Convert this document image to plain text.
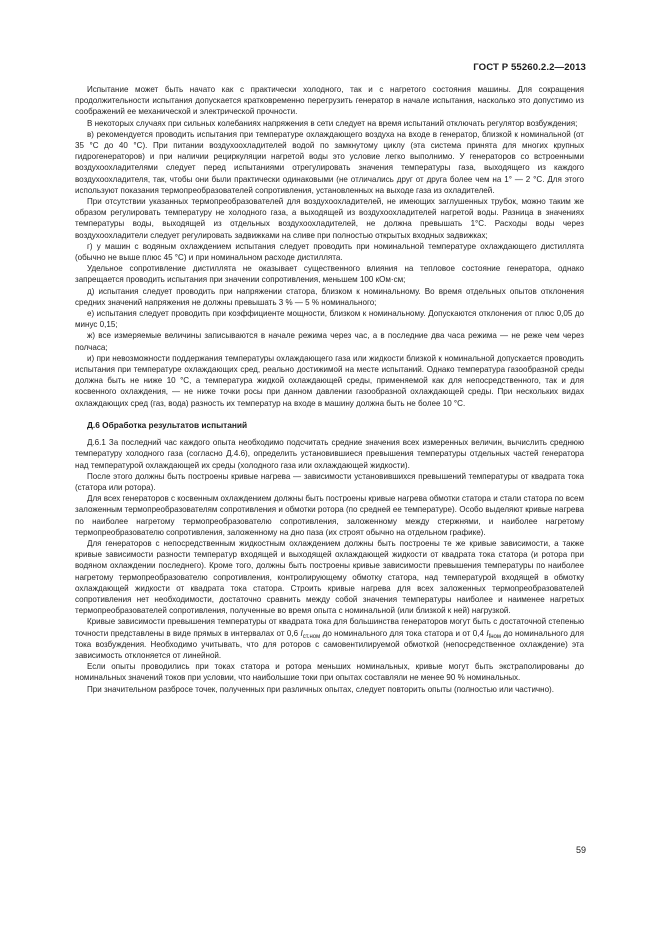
ГОСТ Р 55260.2.2—2013

Испытание может быть начато как с практически холодного, так и с нагретого состояния машины. Для сокращения продолжительности испытания допускается кратковременно перегрузить генератор в начале испытания, насколько это допустимо из соображений ее механической и электрической прочности.

В некоторых случаях при сильных колебаниях напряжения в сети следует на время испытаний отключать регулятор возбуждения;

в) рекомендуется проводить испытания при температуре охлаждающего воздуха на входе в генератор, близкой к номинальной (от 35 °С до 40 °С). При питании воздухоохладителей водой по замкнутому циклу (эта система принята для многих крупных гидрогенераторов) и при наличии рециркуляции нагретой воды это условие легко выполнимо. У генераторов со встроенными воздухоохладителями следует перед испытаниями отрегулировать значения температуры газа, выходящего из каждого воздухоохладителя, так, чтобы они были практически одинаковыми (не отличались друг от друга более чем на 1° — 2 °С. Для этого используют показания термопреобразователей сопротивления, установленных на выходе газа из охладителей.

При отсутствии указанных термопреобразователей для воздухоохладителей, не имеющих заглушенных трубок, можно таким же образом регулировать температуру не холодного газа, а выходящей из воздухоохладителей нагретой воды. Разница в значениях температуры воды, выходящей из отдельных воздухоохладителей, не должна превышать 1°С. Расходы воды через воздухоохладители следует регулировать задвижками на сливе при полностью открытых входных задвижках;

г) у машин с водяным охлаждением испытания следует проводить при номинальной температуре охлаждающего дистиллята (обычно не выше плюс 45 °С) и при номинальном расходе дистиллята.

Удельное сопротивление дистиллята не оказывает существенного влияния на тепловое состояние генератора, однако запрещается проводить испытания при значении сопротивления, меньшем 100 кОм·см;

д) испытания следует проводить при напряжении статора, близком к номинальному. Во время отдельных опытов отклонения средних значений напряжения не должны превышать 3 % — 5 % номинального;

е) испытания следует проводить при коэффициенте мощности, близком к номинальному. Допускаются отклонения от плюс 0,05 до минус 0,15;

ж) все измеряемые величины записываются в начале режима через час, а в последние два часа режима — не реже чем через полчаса;

и) при невозможности поддержания температуры охлаждающего газа или жидкости близкой к номинальной допускается проводить испытания при температуре охлаждающих сред, реально достижимой на месте испытаний. Однако температура газообразной среды должна быть не ниже 10 °С, а температура жидкой охлаждающей среды, применяемой как для непосредственного, так и для косвенного охлаждения, — не ниже точки росы при данном давлении газообразной охлаждающей среды. При нескольких видах охлаждающих сред (газ, вода) разность их температур на входе в машину должна быть не более 10 °С.

Д.6 Обработка результатов испытаний

Д.6.1 За последний час каждого опыта необходимо подсчитать средние значения всех измеренных величин, вычислить среднюю температуру холодного газа (согласно Д.4.6), определить установившиеся превышения температуры отдельных частей генератора над температурой охлаждающей их среды (холодного газа или охлаждающей жидкости).

После этого должны быть построены кривые нагрева — зависимости установившихся превышений температуры от квадрата тока (статора или ротора).

Для всех генераторов с косвенным охлаждением должны быть построены кривые нагрева обмотки статора и стали статора по всем заложенным термопреобразователям сопротивления и обмотки ротора (по средней ее температуре). Особо выделяют кривые нагрева по наиболее нагретому термопреобразователю сопротивления, заложенному между стержнями, и наиболее нагретому термопреобразователю сопротивления, заложенному на дно паза (их строят обычно на отдельном графике).

Для генераторов с непосредственным жидкостным охлаждением должны быть построены те же кривые зависимости, а также кривые зависимости разности температур входящей и выходящей охлаждающей жидкости от квадрата тока статора (и ротора при водяном охлаждении последнего). Кроме того, должны быть построены кривые зависимости превышения температуры по наиболее нагретому термопреобразователю сопротивления, контролирующему обмотку статора, над температурой входящей в обмотку охлаждающей жидкости от квадрата тока статора. Строить кривые нагрева для всех заложенных термопреобразователей сопротивления нет необходимости, достаточно сравнить между собой значения температуры наиболее и наименее нагретых термопреобразователей сопротивления, полученные во время опыта с номинальной (или близкой к ней) нагрузкой.

Кривые зависимости превышения температуры от квадрата тока для большинства генераторов могут быть с достаточной степенью точности представлены в виде прямых в интервалах от 0,6 $I_{ст.ном}$ до номинального для тока статора и от 0,4 $I_{fном}$ до номинального для тока возбуждения. Необходимо учитывать, что для роторов с самовентилируемой обмоткой (непосредственное охлаждение) эта зависимость отклоняется от линейной.

Если опыты проводились при токах статора и ротора меньших номинальных, кривые могут быть экстраполированы до номинальных значений токов при условии, что наибольшие токи при опытах составляли не менее 90 % номинальных.

При значительном разбросе точек, полученных при различных опытах, следует повторить опыты (полностью или частично).

59
